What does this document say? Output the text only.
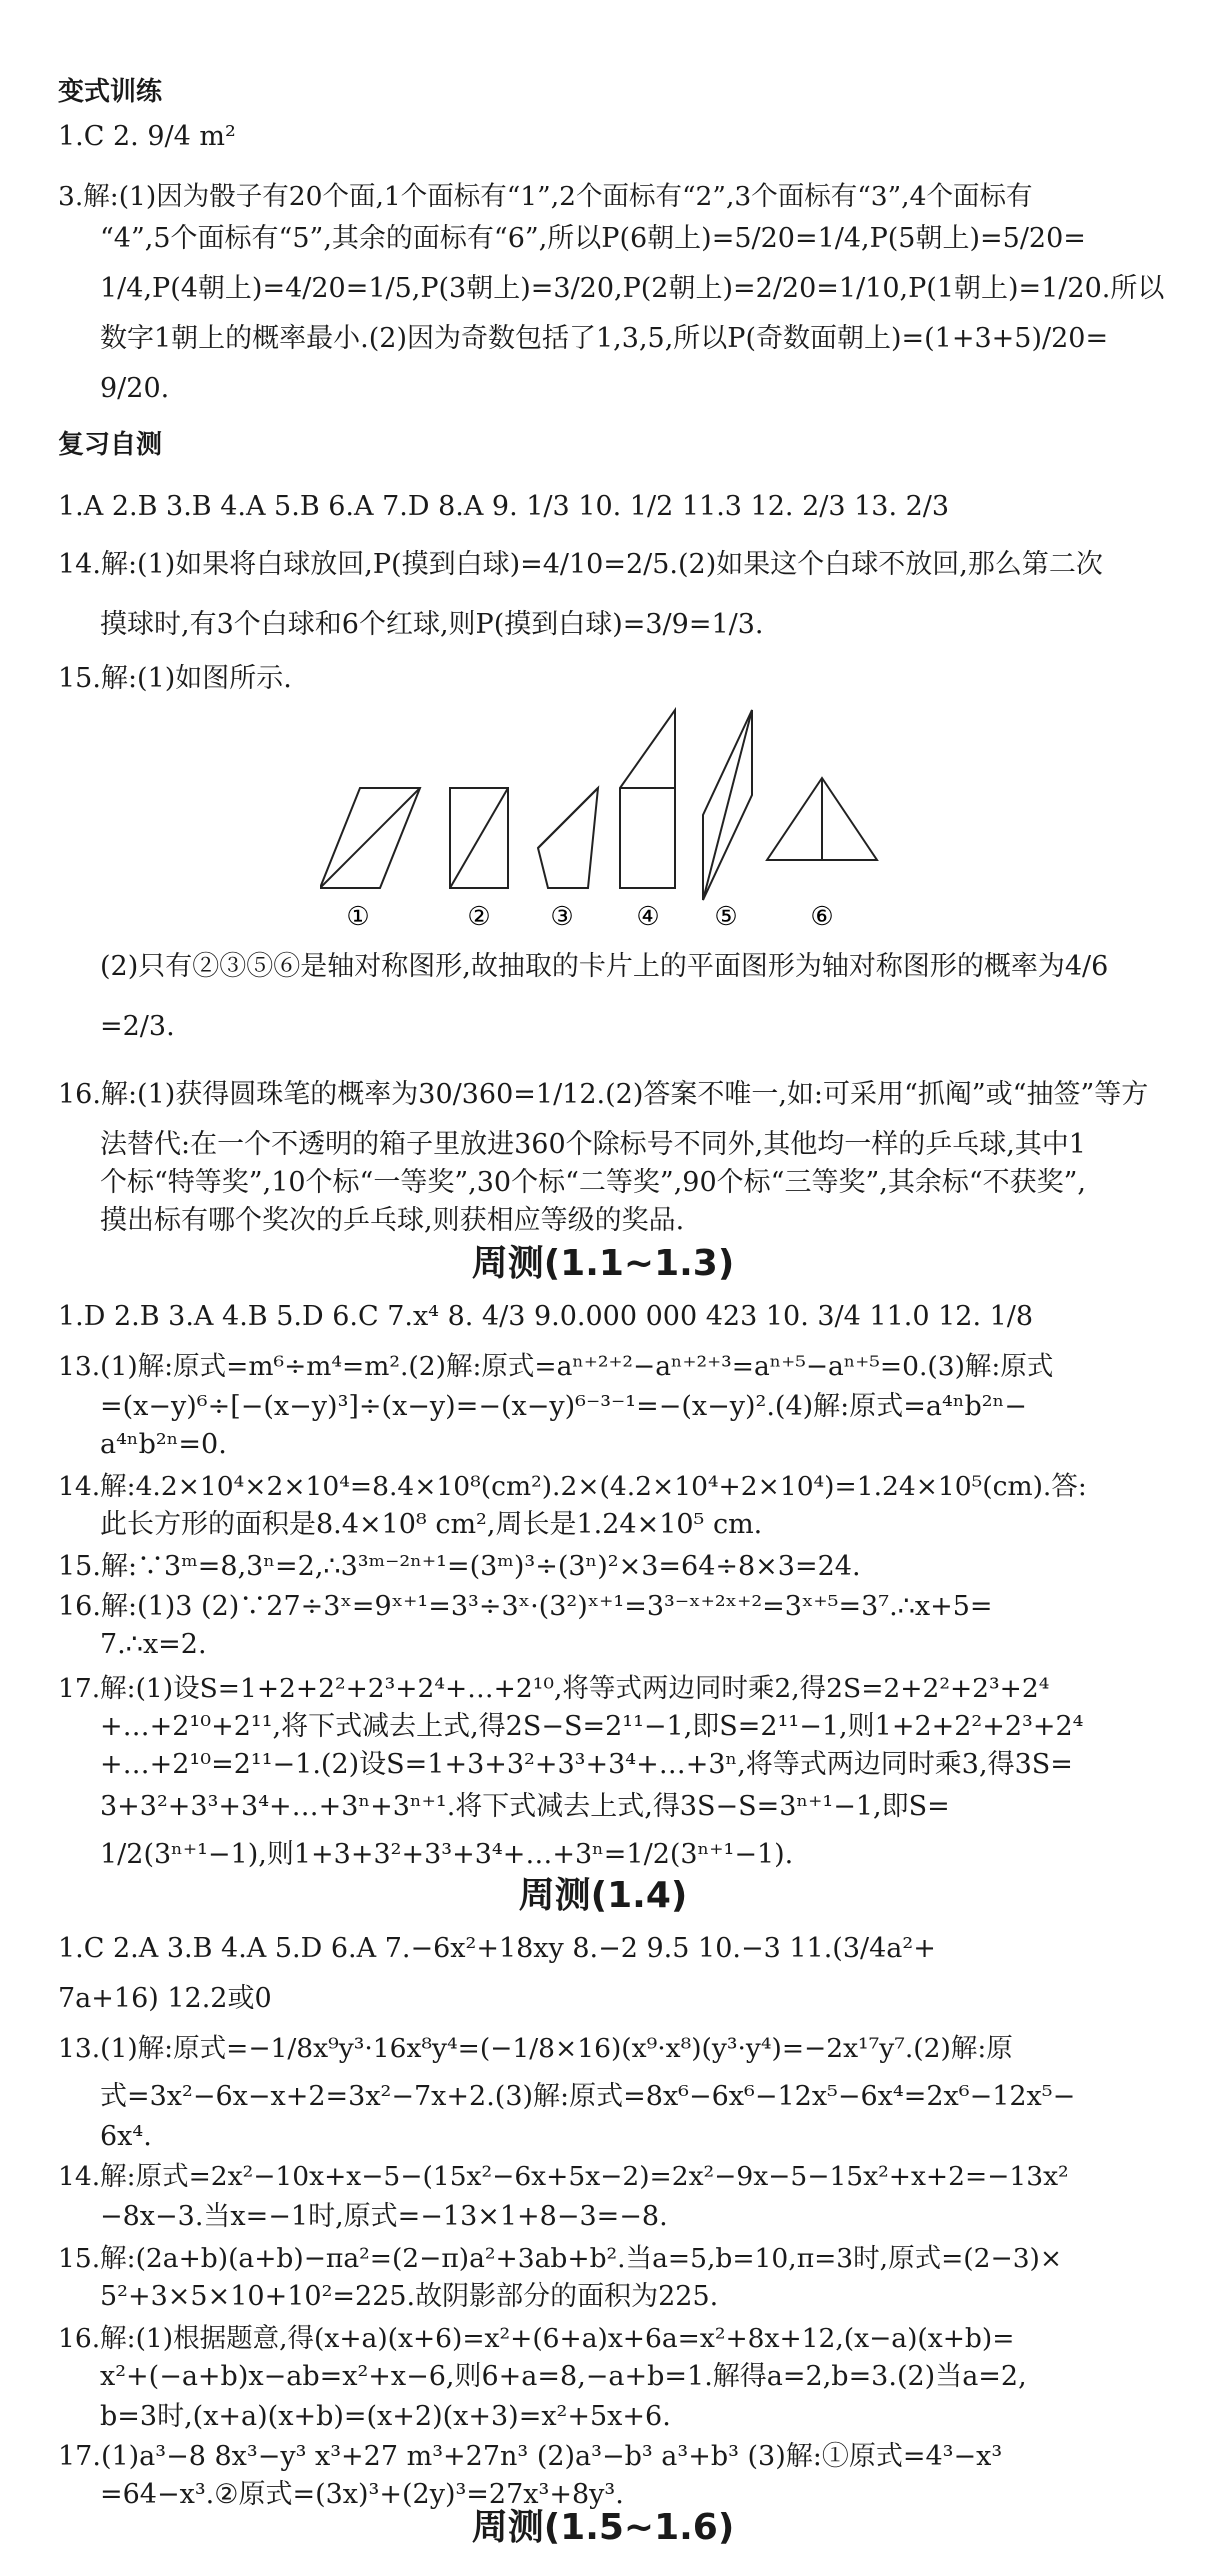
变式训练
1.C 2. 9/4 m²
3.解:(1)因为骰子有20个面,1个面标有“1”,2个面标有“2”,3个面标有“3”,4个面标有
“4”,5个面标有“5”,其余的面标有“6”,所以P(6朝上)=5/20=1/4,P(5朝上)=5/20=
1/4,P(4朝上)=4/20=1/5,P(3朝上)=3/20,P(2朝上)=2/20=1/10,P(1朝上)=1/20.所以
数字1朝上的概率最小.(2)因为奇数包括了1,3,5,所以P(奇数面朝上)=(1+3+5)/20=
9/20.
复习自测
1.A 2.B 3.B 4.A 5.B 6.A 7.D 8.A 9. 1/3 10. 1/2 11.3 12. 2/3 13. 2/3
14.解:(1)如果将白球放回,P(摸到白球)=4/10=2/5.(2)如果这个白球不放回,那么第二次
摸球时,有3个白球和6个红球,则P(摸到白球)=3/9=1/3.
15.解:(1)如图所示.
(2)只有②③⑤⑥是轴对称图形,故抽取的卡片上的平面图形为轴对称图形的概率为4/6
=2/3.
16.解:(1)获得圆珠笔的概率为30/360=1/12.(2)答案不唯一,如:可采用“抓阄”或“抽签”等方
法替代:在一个不透明的箱子里放进360个除标号不同外,其他均一样的乒乓球,其中1
个标“特等奖”,10个标“一等奖”,30个标“二等奖”,90个标“三等奖”,其余标“不获奖”,
摸出标有哪个奖次的乒乓球,则获相应等级的奖品.
1.D 2.B 3.A 4.B 5.D 6.C 7.x⁴ 8. 4/3 9.0.000 000 423 10. 3/4 11.0 12. 1/8
13.(1)解:原式=m⁶÷m⁴=m².(2)解:原式=aⁿ⁺²⁺²−aⁿ⁺²⁺³=aⁿ⁺⁵−aⁿ⁺⁵=0.(3)解:原式
=(x−y)⁶÷[−(x−y)³]÷(x−y)=−(x−y)⁶⁻³⁻¹=−(x−y)².(4)解:原式=a⁴ⁿb²ⁿ−
a⁴ⁿb²ⁿ=0.
14.解:4.2×10⁴×2×10⁴=8.4×10⁸(cm²).2×(4.2×10⁴+2×10⁴)=1.24×10⁵(cm).答:
此长方形的面积是8.4×10⁸ cm²,周长是1.24×10⁵ cm.
15.解:∵3ᵐ=8,3ⁿ=2,∴3³ᵐ⁻²ⁿ⁺¹=(3ᵐ)³÷(3ⁿ)²×3=64÷8×3=24.
16.解:(1)3 (2)∵27÷3ˣ=9ˣ⁺¹=3³÷3ˣ·(3²)ˣ⁺¹=3³⁻ˣ⁺²ˣ⁺²=3ˣ⁺⁵=3⁷.∴x+5=
7.∴x=2.
17.解:(1)设S=1+2+2²+2³+2⁴+…+2¹⁰,将等式两边同时乘2,得2S=2+2²+2³+2⁴
+…+2¹⁰+2¹¹,将下式减去上式,得2S−S=2¹¹−1,即S=2¹¹−1,则1+2+2²+2³+2⁴
+…+2¹⁰=2¹¹−1.(2)设S=1+3+3²+3³+3⁴+…+3ⁿ,将等式两边同时乘3,得3S=
3+3²+3³+3⁴+…+3ⁿ+3ⁿ⁺¹.将下式减去上式,得3S−S=3ⁿ⁺¹−1,即S=
1/2(3ⁿ⁺¹−1),则1+3+3²+3³+3⁴+…+3ⁿ=1/2(3ⁿ⁺¹−1).
1.C 2.A 3.B 4.A 5.D 6.A 7.−6x²+18xy 8.−2 9.5 10.−3 11.(3/4a²+
7a+16) 12.2或0
13.(1)解:原式=−1/8x⁹y³·16x⁸y⁴=(−1/8×16)(x⁹·x⁸)(y³·y⁴)=−2x¹⁷y⁷.(2)解:原
式=3x²−6x−x+2=3x²−7x+2.(3)解:原式=8x⁶−6x⁶−12x⁵−6x⁴=2x⁶−12x⁵−
6x⁴.
14.解:原式=2x²−10x+x−5−(15x²−6x+5x−2)=2x²−9x−5−15x²+x+2=−13x²
−8x−3.当x=−1时,原式=−13×1+8−3=−8.
15.解:(2a+b)(a+b)−πa²=(2−π)a²+3ab+b².当a=5,b=10,π=3时,原式=(2−3)×
5²+3×5×10+10²=225.故阴影部分的面积为225.
16.解:(1)根据题意,得(x+a)(x+6)=x²+(6+a)x+6a=x²+8x+12,(x−a)(x+b)=
x²+(−a+b)x−ab=x²+x−6,则6+a=8,−a+b=1.解得a=2,b=3.(2)当a=2,
b=3时,(x+a)(x+b)=(x+2)(x+3)=x²+5x+6.
17.(1)a³−8 8x³−y³ x³+27 m³+27n³ (2)a³−b³ a³+b³ (3)解:①原式=4³−x³
=64−x³.②原式=(3x)³+(2y)³=27x³+8y³.
周测(1.1~1.3)
周测(1.4)
周测(1.5~1.6)
①	② ③ ④ ⑤	⑥
